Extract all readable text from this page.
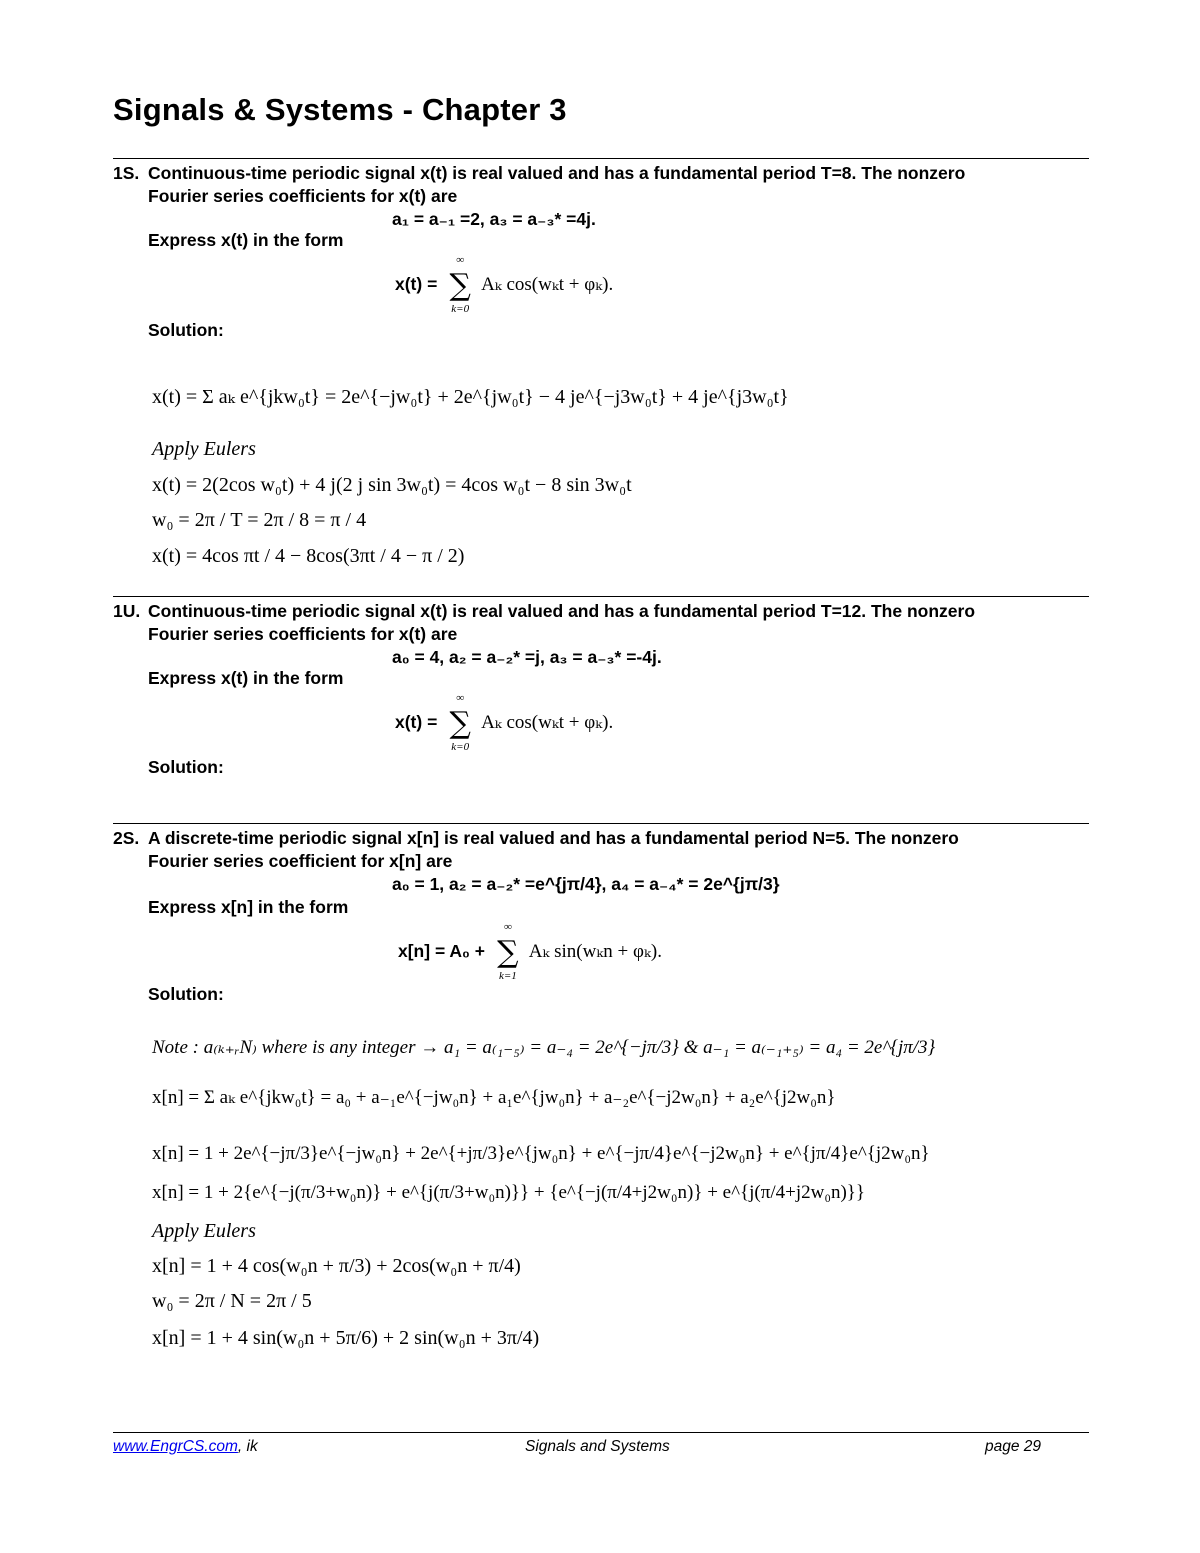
Signals & Systems - Chapter 3
1S. Continuous-time periodic signal x(t) is real valued and has a fundamental period T=8. The nonzero
Fourier series coefficients for x(t) are
a₁ = a₋₁ =2, a₃ = a₋₃* =4j.
Express x(t) in the form
x(t) = ∑
∞
k=0
Aₖ cos(wₖt + φₖ).
Solution:
x(t) = Σ aₖ e^{jkw₀t} = 2e^{−jw₀t} + 2e^{jw₀t} − 4 je^{−j3w₀t} + 4 je^{j3w₀t}
Apply Eulers
x(t) = 2(2cos w₀t) + 4 j(2 j sin 3w₀t) = 4cos w₀t − 8 sin 3w₀t
w₀ = 2π / T = 2π / 8 = π / 4
x(t) = 4cos πt / 4 − 8cos(3πt / 4 − π / 2)
1U. Continuous-time periodic signal x(t) is real valued and has a fundamental period T=12. The nonzero
Fourier series coefficients for x(t) are
a₀ = 4, a₂ = a₋₂* =j, a₃ = a₋₃* =-4j.
Express x(t) in the form
x(t) = ∑
∞
k=0
Aₖ cos(wₖt + φₖ).
Solution:
2S. A discrete-time periodic signal x[n] is real valued and has a fundamental period N=5. The nonzero
Fourier series coefficient for x[n] are
a₀ = 1, a₂ = a₋₂* =e^{jπ/4}, a₄ = a₋₄* = 2e^{jπ/3}
Express x[n] in the form
x[n] = A₀ + ∑
∞
k=1
Aₖ sin(wₖn + φₖ).
Solution:
Note : a₍ₖ₊ᵣN₎ where is any integer → a₁ = a₍₁₋₅₎ = a₋₄ = 2e^{−jπ/3} & a₋₁ = a₍₋₁₊₅₎ = a₄ = 2e^{jπ/3}
x[n] = Σ aₖ e^{jkw₀t} = a₀ + a₋₁e^{−jw₀n} + a₁e^{jw₀n} + a₋₂e^{−j2w₀n} + a₂e^{j2w₀n}
x[n] = 1 + 2e^{−jπ/3}e^{−jw₀n} + 2e^{+jπ/3}e^{jw₀n} + e^{−jπ/4}e^{−j2w₀n} + e^{jπ/4}e^{j2w₀n}
x[n] = 1 + 2{e^{−j(π/3+w₀n)} + e^{j(π/3+w₀n)}} + {e^{−j(π/4+j2w₀n)} + e^{j(π/4+j2w₀n)}}
Apply Eulers
x[n] = 1 + 4 cos(w₀n + π/3) + 2cos(w₀n + π/4)
w₀ = 2π / N = 2π / 5
x[n] = 1 + 4 sin(w₀n + 5π/6) + 2 sin(w₀n + 3π/4)
www.EngrCS.com, ik	Signals and Systems	page 29
